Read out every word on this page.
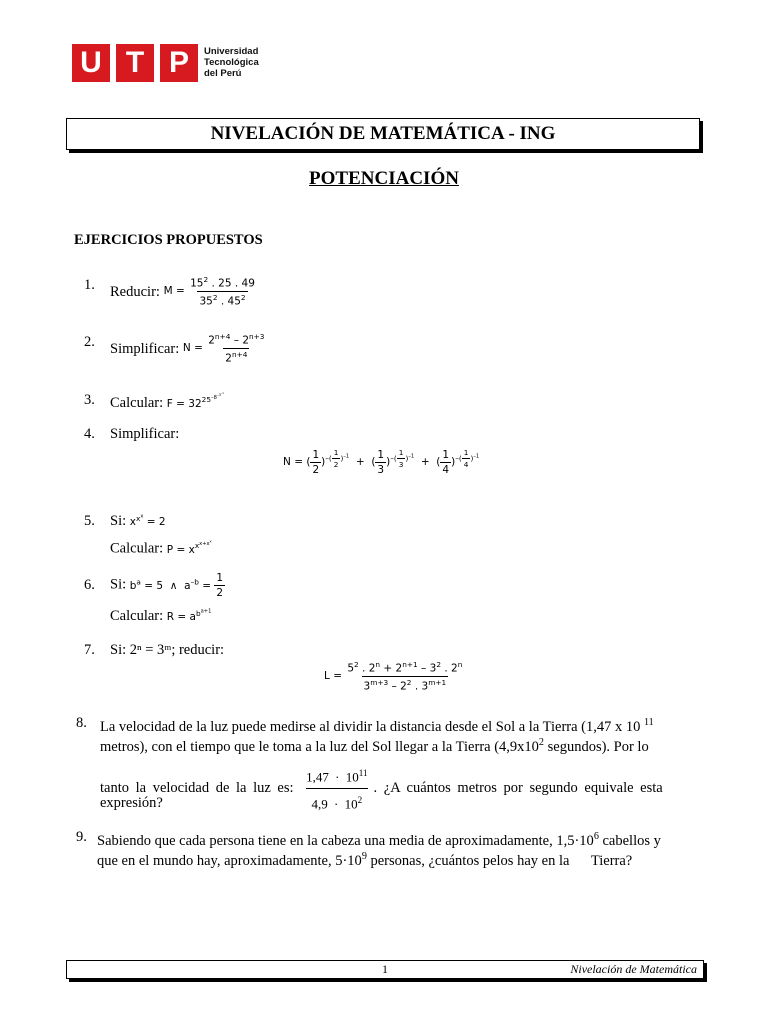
U T P	Universidad
Tecnológica
del Perú
NIVELACIÓN DE MATEMÁTICA - ING
POTENCIACIÓN
EJERCICIOS PROPUESTOS
1. Reducir: $M = \frac{15^2 . 25 . 49}{35^2 . 45^2}$
2. Simplificar: $N = \frac{2^{n+4} - 2^{n+3}}{2^{n+4}}$
3. Calcular: $F = 32^{25^{-8^{-3^{-1}}}}$
4. Simplificar:
N = ( $\frac{1}{2} )^{-( \frac{1}{2} )^{-1}}$  +  ( $\frac{1}{3} )^{-( \frac{1}{3} )^{-1}}$  +  ( $\frac{1}{4} )^{-( \frac{1}{4} )^{-1}}$
5. Si: $x^{x^x} = 2$
Calcular: $P = x^{x^{x+x^x}}$
6. Si: $b^a = 5$  ∧  $a^{-b} = \frac{1}{2}$
Calcular: $R = a^{b^{a+1}}$
7. Si: 2ⁿ = 3ᵐ; reducir:
$L = \frac{5^2 . 2^n + 2^{n+1} - 3^2 . 2^n}{3^{m+3} - 2^2 . 3^{m+1}}$
8. La velocidad de la luz puede medirse al dividir la distancia desde el Sol a la Tierra (1,47 x 10 $^{11}$
metros), con el tiempo que le toma a la luz del Sol llegar a la Tierra ($4,9x10^2$ segundos). Por lo
tanto la velocidad de la luz es: $\frac{1,47 \cdot 10^{11}}{4,9 \cdot 10^2}$ . ¿A cuántos metros por segundo equivale esta
expresión?
9. Sabiendo que cada persona tiene en la cabeza una media de aproximadamente, $1,5\cdot 10^6$ cabellos y
que en el mundo hay, aproximadamente, $5\cdot 10^9$ personas, ¿cuántos pelos hay en la      Tierra?
1	Nivelación de Matemática
